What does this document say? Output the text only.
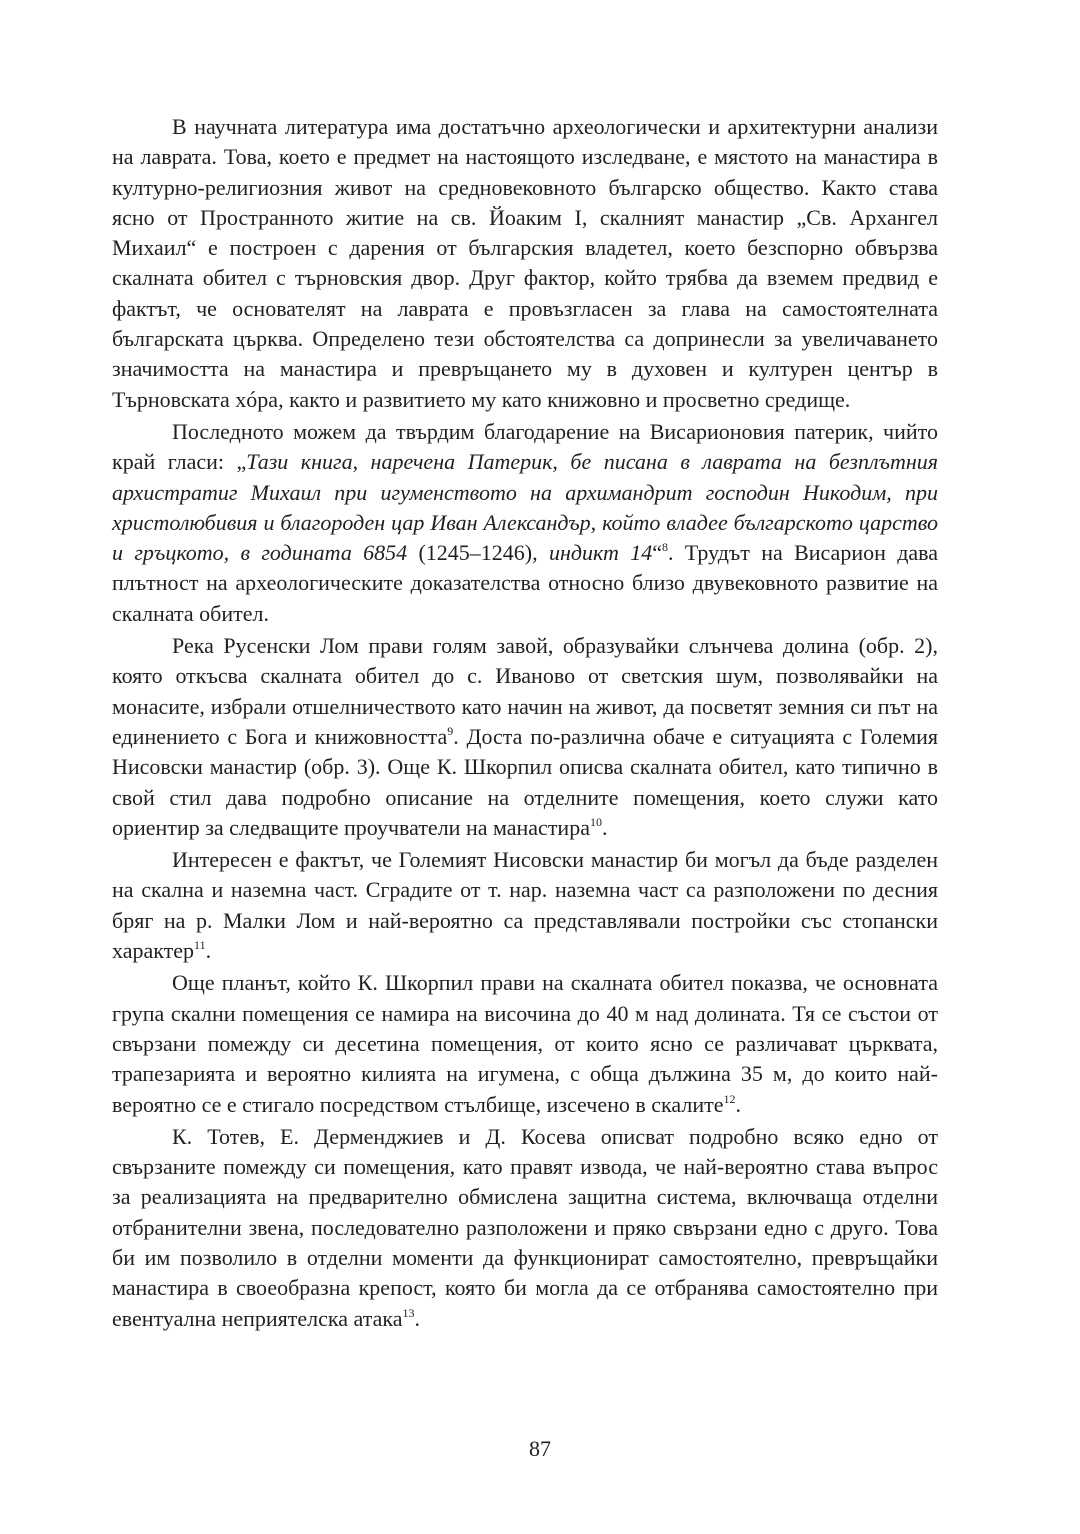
В научната литература има достатъчно археологически и архитектурни анализи на лаврата. Това, което е предмет на настоящото изследване, е мястото на манастира в културно-религиозния живот на средновековното българско общество. Както става ясно от Пространното житие на св. Йоаким I, скалният манастир „Св. Архангел Михаил“ е построен с дарения от българския владетел, което безспорно обвързва скалната обител с търновския двор. Друг фактор, който трябва да вземем предвид е фактът, че основателят на лаврата е провъзгласен за глава на самостоятелната българската църква. Определено тези обстоятелства са допринесли за увеличаването значимостта на манастира и превръщането му в духовен и културен център в Търновската хóра, както и развитието му като книжовно и просветно средище.

Последното можем да твърдим благодарение на Висарионовия патерик, чийто край гласи: „Тази книга, наречена Патерик, бе писана в лаврата на безплътния архистратиг Михаил при игуменството на архимандрит господин Никодим, при христолюбивия и благороден цар Иван Александър, който владее българското царство и гръцкото, в годината 6854 (1245–1246), индикт 14“$^8$. Трудът на Висарион дава плътност на археологическите доказателства относно близо двувековното развитие на скалната обител.

Река Русенски Лом прави голям завой, образувайки слънчева долина (обр. 2), която откъсва скалната обител до с. Иваново от светския шум, позволявайки на монасите, избрали отшелничеството като начин на живот, да посветят земния си път на единението с Бога и книжовността$^9$. Доста по-различна обаче е ситуацията с Големия Нисовски манастир (обр. 3). Още К. Шкорпил описва скалната обител, като типично в свой стил дава подробно описание на отделните помещения, което служи като ориентир за следващите проучватели на манастира$^{10}$.

Интересен е фактът, че Големият Нисовски манастир би могъл да бъде разделен на скална и наземна част. Сградите от т. нар. наземна част са разположени по десния бряг на р. Малки Лом и най-вероятно са представлявали постройки със стопански характер$^{11}$.

Още планът, който К. Шкорпил прави на скалната обител показва, че основната група скални помещения се намира на височина до 40 м над долината. Тя се състои от свързани помежду си десетина помещения, от които ясно се различават църквата, трапезарията и вероятно килията на игумена, с обща дължина 35 м, до които най-вероятно се е стигало посредством стълбище, изсечено в скалите$^{12}$.

К. Тотев, Е. Дерменджиев и Д. Косева описват подробно всяко едно от свързаните помежду си помещения, като правят извода, че най-вероятно става въпрос за реализацията на предварително обмислена защитна система, включваща отделни отбранителни звена, последователно разположени и пряко свързани едно с друго. Това би им позволило в отделни моменти да функционират самостоятелно, превръщайки манастира в своеобразна крепост, която би могла да се отбранява самостоятелно при евентуална неприятелска атака$^{13}$.

87
